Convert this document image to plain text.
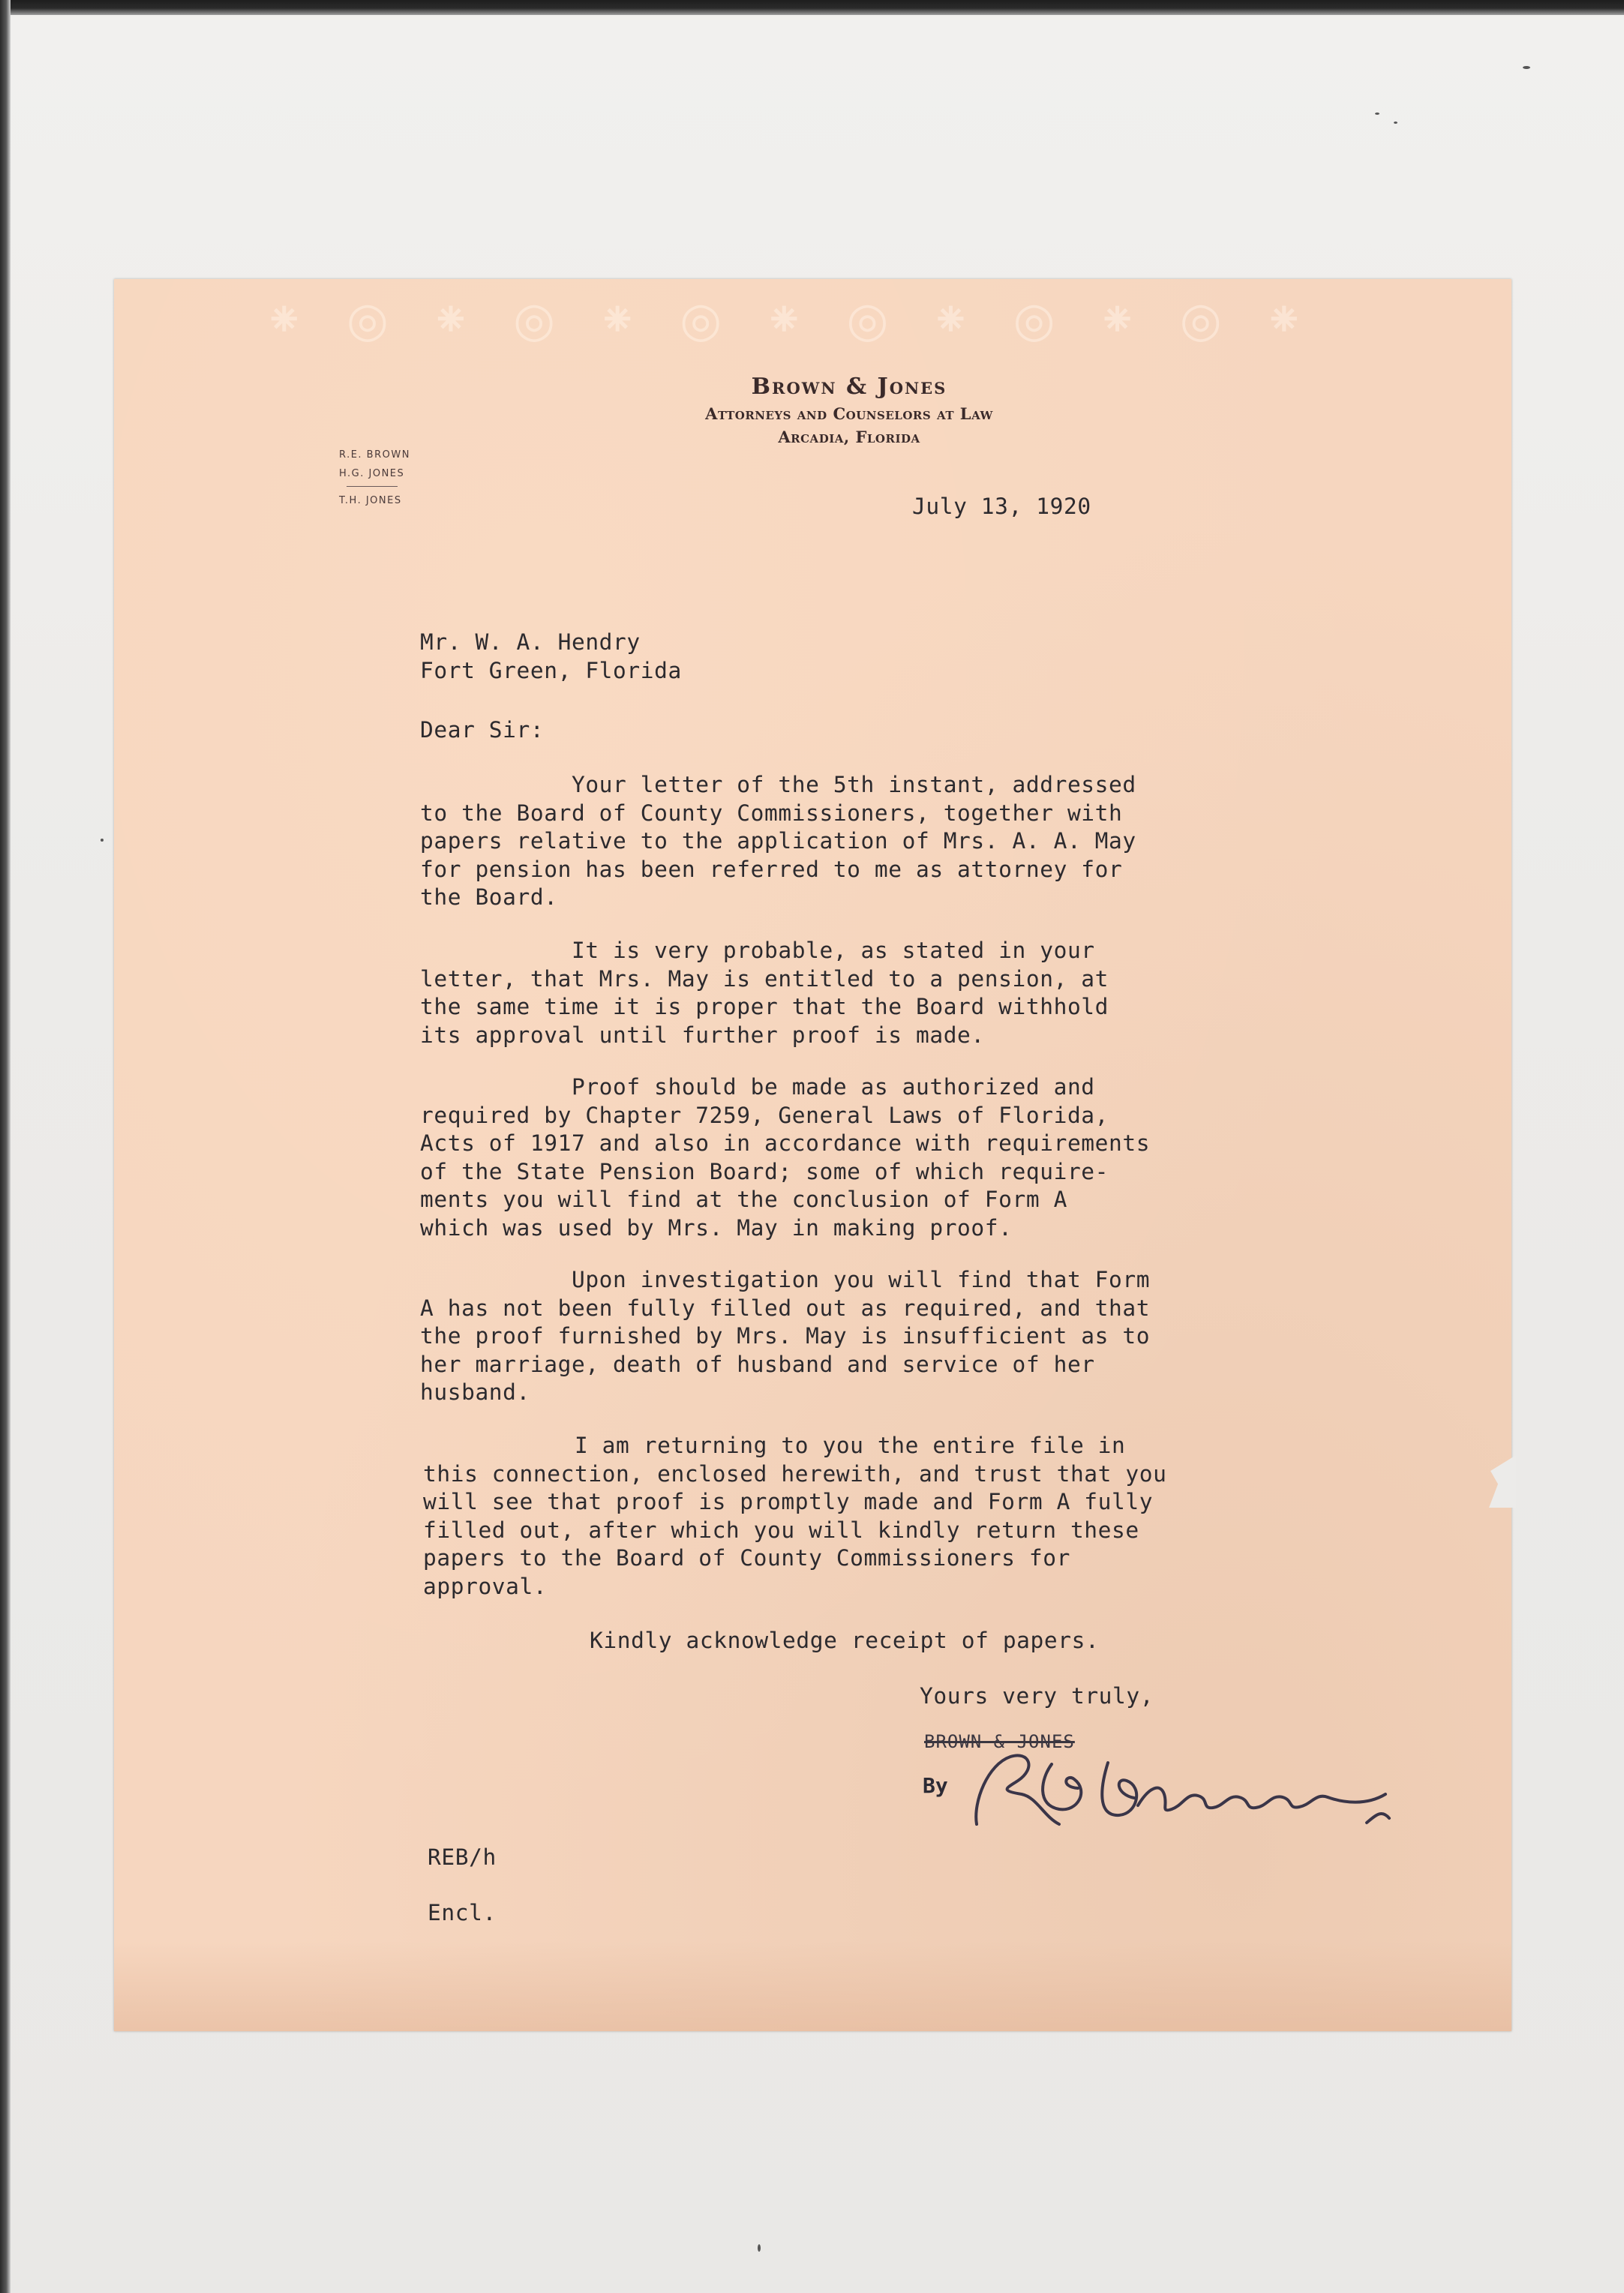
⁕ ◎ ⁕ ◎ ⁕ ◎ ⁕ ◎ ⁕ ◎ ⁕ ◎ ⁕
Brown & Jones
Attorneys and Counselors at Law
Arcadia, Florida
R.E. BROWN
H.G. JONES
T.H. JONES	July 13, 1920
Mr. W. A. Hendry
Fort Green, Florida
Dear Sir:
Your letter of the 5th instant, addressed
to the Board of County Commissioners, together with
papers relative to the application of Mrs. A. A. May
for pension has been referred to me as attorney for
the Board.
It is very probable, as stated in your
letter, that Mrs. May is entitled to a pension, at
the same time it is proper that the Board withhold
its approval until further proof is made.
Proof should be made as authorized and
required by Chapter 7259, General Laws of Florida,
Acts of 1917 and also in accordance with requirements
of the State Pension Board; some of which require-
ments you will find at the conclusion of Form A
which was used by Mrs. May in making proof.
Upon investigation you will find that Form
A has not been fully filled out as required, and that
the proof furnished by Mrs. May is insufficient as to
her marriage, death of husband and service of her
husband.
I am returning to you the entire file in
this connection, enclosed herewith, and trust that you
will see that proof is promptly made and Form A fully
filled out, after which you will kindly return these
papers to the Board of County Commissioners for
approval.
Kindly acknowledge receipt of papers.
Yours very truly,
BROWN & JONES
By
REB/h
Encl.
